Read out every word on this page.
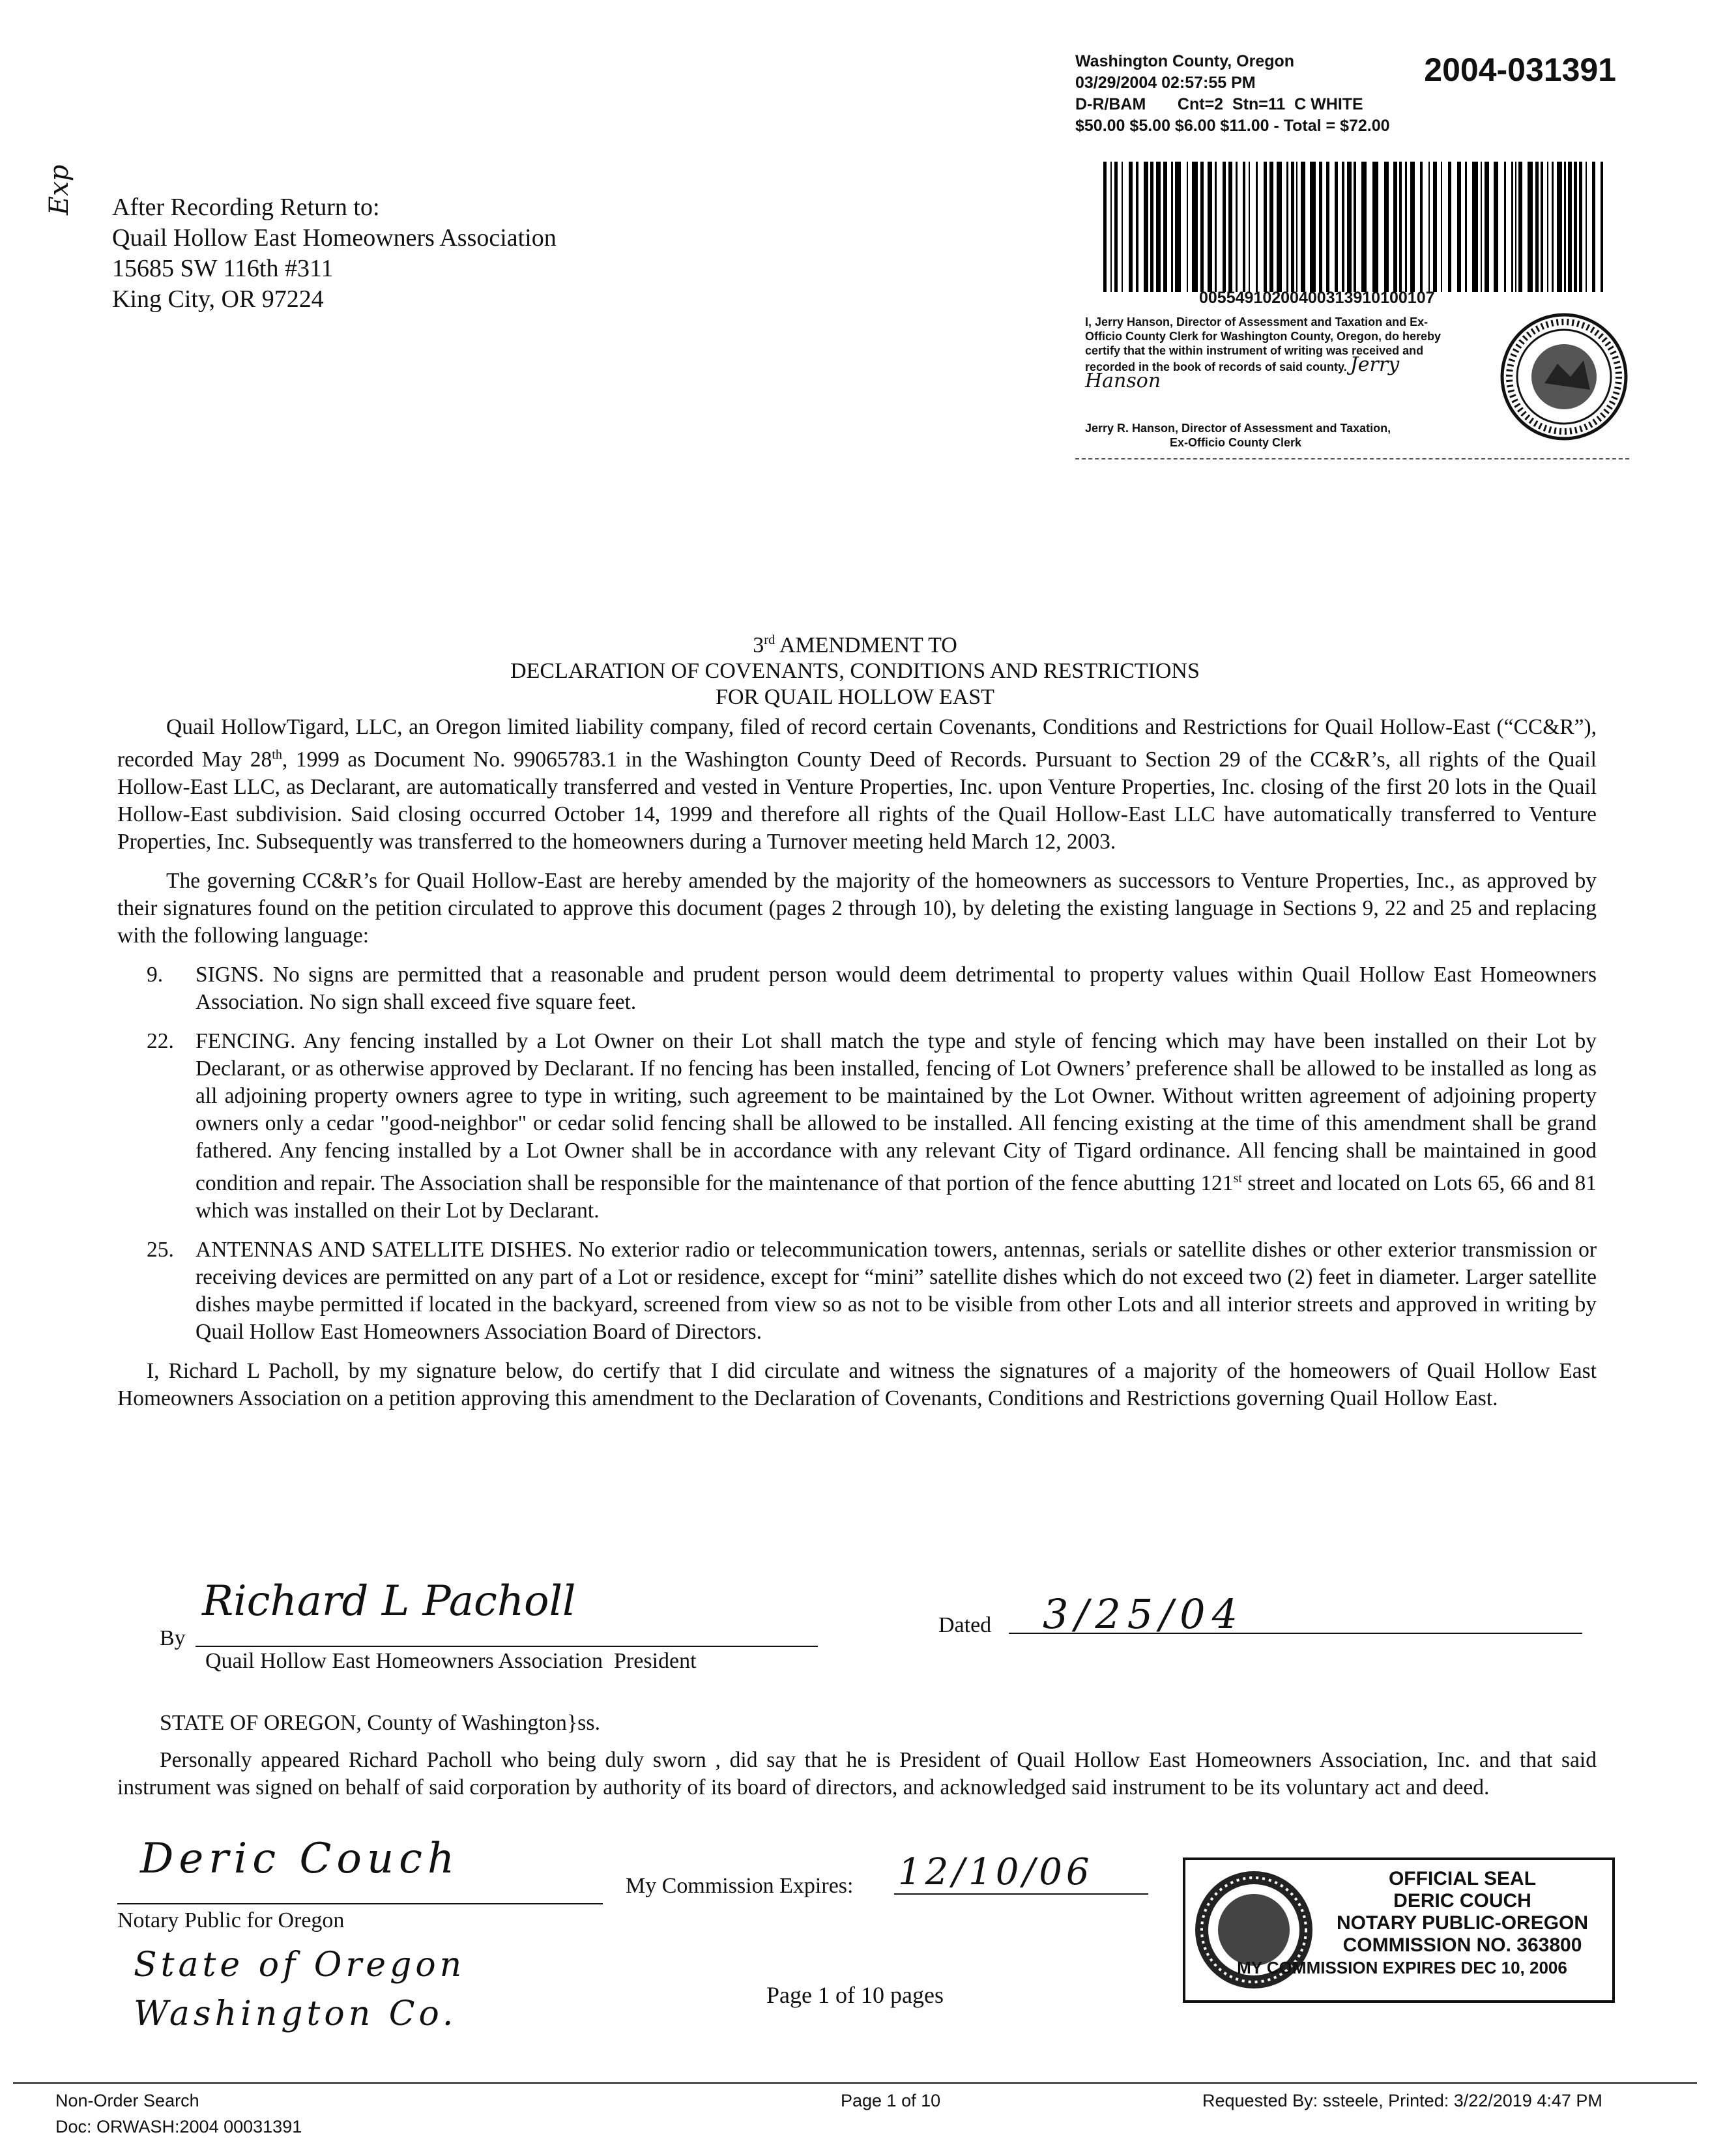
Washington County, Oregon	2004-031391
03/29/2004 02:57:55 PM
D-R/BAM       Cnt=2  Stn=11  C WHITE
$50.00 $5.00 $6.00 $11.00 - Total = $72.00
00554910200400313910100107
I, Jerry Hanson, Director of Assessment and Taxation and Ex-Officio County Clerk for Washington County, Oregon, do hereby certify that the within instrument of writing was received and recorded in the book of records of said county. Jerry Hanson
Jerry R. Hanson, Director of Assessment and Taxation,
Ex-Officio County Clerk
Exp After Recording Return to:
Quail Hollow East Homeowners Association
15685 SW 116th #311
King City, OR 97224
3rd AMENDMENT TO
DECLARATION OF COVENANTS, CONDITIONS AND RESTRICTIONS
FOR QUAIL HOLLOW EAST

Quail HollowTigard, LLC, an Oregon limited liability company, filed of record certain Covenants, Conditions and Restrictions for Quail Hollow-East (“CC&R”), recorded May 28th, 1999 as Document No. 99065783.1 in the Washington County Deed of Records. Pursuant to Section 29 of the CC&R’s, all rights of the Quail Hollow-East LLC, as Declarant, are automatically transferred and vested in Venture Properties, Inc. upon Venture Properties, Inc. closing of the first 20 lots in the Quail Hollow-East subdivision. Said closing occurred October 14, 1999 and therefore all rights of the Quail Hollow-East LLC have automatically transferred to Venture Properties, Inc. Subsequently was transferred to the homeowners during a Turnover meeting held March 12, 2003.

The governing CC&R’s for Quail Hollow-East are hereby amended by the majority of the homeowners as successors to Venture Properties, Inc., as approved by their signatures found on the petition circulated to approve this document (pages 2 through 10), by deleting the existing language in Sections 9, 22 and 25 and replacing with the following language:

9. SIGNS. No signs are permitted that a reasonable and prudent person would deem detrimental to property values within Quail Hollow East Homeowners Association. No sign shall exceed five square feet.
22. FENCING. Any fencing installed by a Lot Owner on their Lot shall match the type and style of fencing which may have been installed on their Lot by Declarant, or as otherwise approved by Declarant. If no fencing has been installed, fencing of Lot Owners’ preference shall be allowed to be installed as long as all adjoining property owners agree to type in writing, such agreement to be maintained by the Lot Owner. Without written agreement of adjoining property owners only a cedar "good-neighbor" or cedar solid fencing shall be allowed to be installed. All fencing existing at the time of this amendment shall be grand fathered. Any fencing installed by a Lot Owner shall be in accordance with any relevant City of Tigard ordinance. All fencing shall be maintained in good condition and repair. The Association shall be responsible for the maintenance of that portion of the fence abutting 121st street and located on Lots 65, 66 and 81 which was installed on their Lot by Declarant.
25. ANTENNAS AND SATELLITE DISHES. No exterior radio or telecommunication towers, antennas, serials or satellite dishes or other exterior transmission or receiving devices are permitted on any part of a Lot or residence, except for “mini” satellite dishes which do not exceed two (2) feet in diameter. Larger satellite dishes maybe permitted if located in the backyard, screened from view so as not to be visible from other Lots and all interior streets and approved in writing by Quail Hollow East Homeowners Association Board of Directors.

I, Richard L Pacholl, by my signature below, do certify that I did circulate and witness the signatures of a majority of the homeowers of Quail Hollow East Homeowners Association on a petition approving this amendment to the Declaration of Covenants, Conditions and Restrictions governing Quail Hollow East.

By
Richard L Pacholl
Quail Hollow East Homeowners Association  President
Dated 3/25/04
STATE OF OREGON, County of Washington}ss.
Personally appeared Richard Pacholl who being duly sworn , did say that he is President of Quail Hollow East Homeowners Association, Inc. and that said instrument was signed on behalf of said corporation by authority of its board of directors, and acknowledged said instrument to be its voluntary act and deed.
Deric Couch
Notary Public for Oregon
My Commission Expires: 12/10/06
State of Oregon
Washington Co.
OFFICIAL SEAL
DERIC COUCH
NOTARY PUBLIC-OREGON
COMMISSION NO. 363800
MY COMMISSION EXPIRES DEC 10, 2006
Page 1 of 10 pages
Non-Order Search
Doc: ORWASH:2004 00031391
Page 1 of 10	Requested By: ssteele, Printed: 3/22/2019 4:47 PM
